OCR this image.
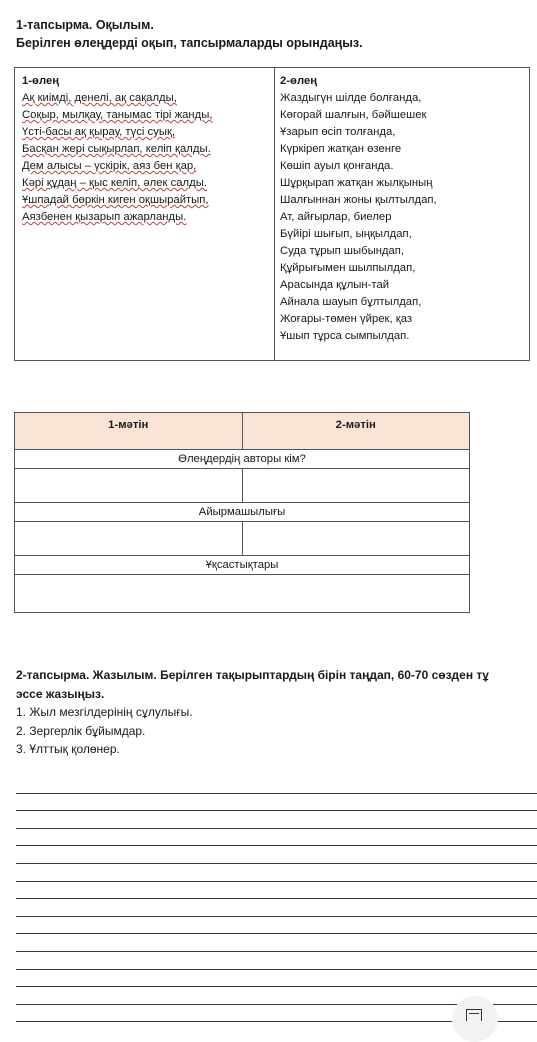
1-тапсырма. Оқылым.
Берілген өлеңдерді оқып, тапсырмаларды орындаңыз.
1-өлең
Ақ киімді, денелі, ақ сақалды,
Соқыр, мылқау, танымас тірі жанды,
Үсті-басы ақ қырау, түсі суық,
Басқан жері сықырлап, келіп қалды.
Дем алысы – үскірік, аяз бен қар,
Кәрі құдаң – қыс келіп, әлек салды.
Ұшпадай бөркін киген оқшырайтып,
Аязбенен қызарып ажарланды.
2-өлең
Жаздыгүн шілде болғанда,
Көгорай шалғын, бәйшешек
Ұзарып өсіп толғанда,
Күркіреп жатқан өзенге
Көшіп ауыл қонғанда.
Шұрқырап жатқан жылқының
Шалғыннан жоны қылтылдап,
Ат, айғырлар, биелер
Бүйірі шығып, ыңқылдап,
Суда тұрып шыбындап,
Құйрығымен шылпылдап,
Арасында құлын-тай
Айнала шауып бұлтылдап,
Жоғары-төмен үйрек, қаз
Ұшып тұрса сымпылдап.
1-мәтін	2-мәтін
Өлеңдердің авторы кім?
Айырмашылығы
Ұқсастықтары
2-тапсырма. Жазылым. Берілген тақырыптардың бірін таңдап, 60-70 сөзден тұ
эссе жазыңыз.
1. Жыл мезгілдерінің сұлулығы.
2. Зергерлік бұйымдар.
3. Ұлттық қолөнер.
